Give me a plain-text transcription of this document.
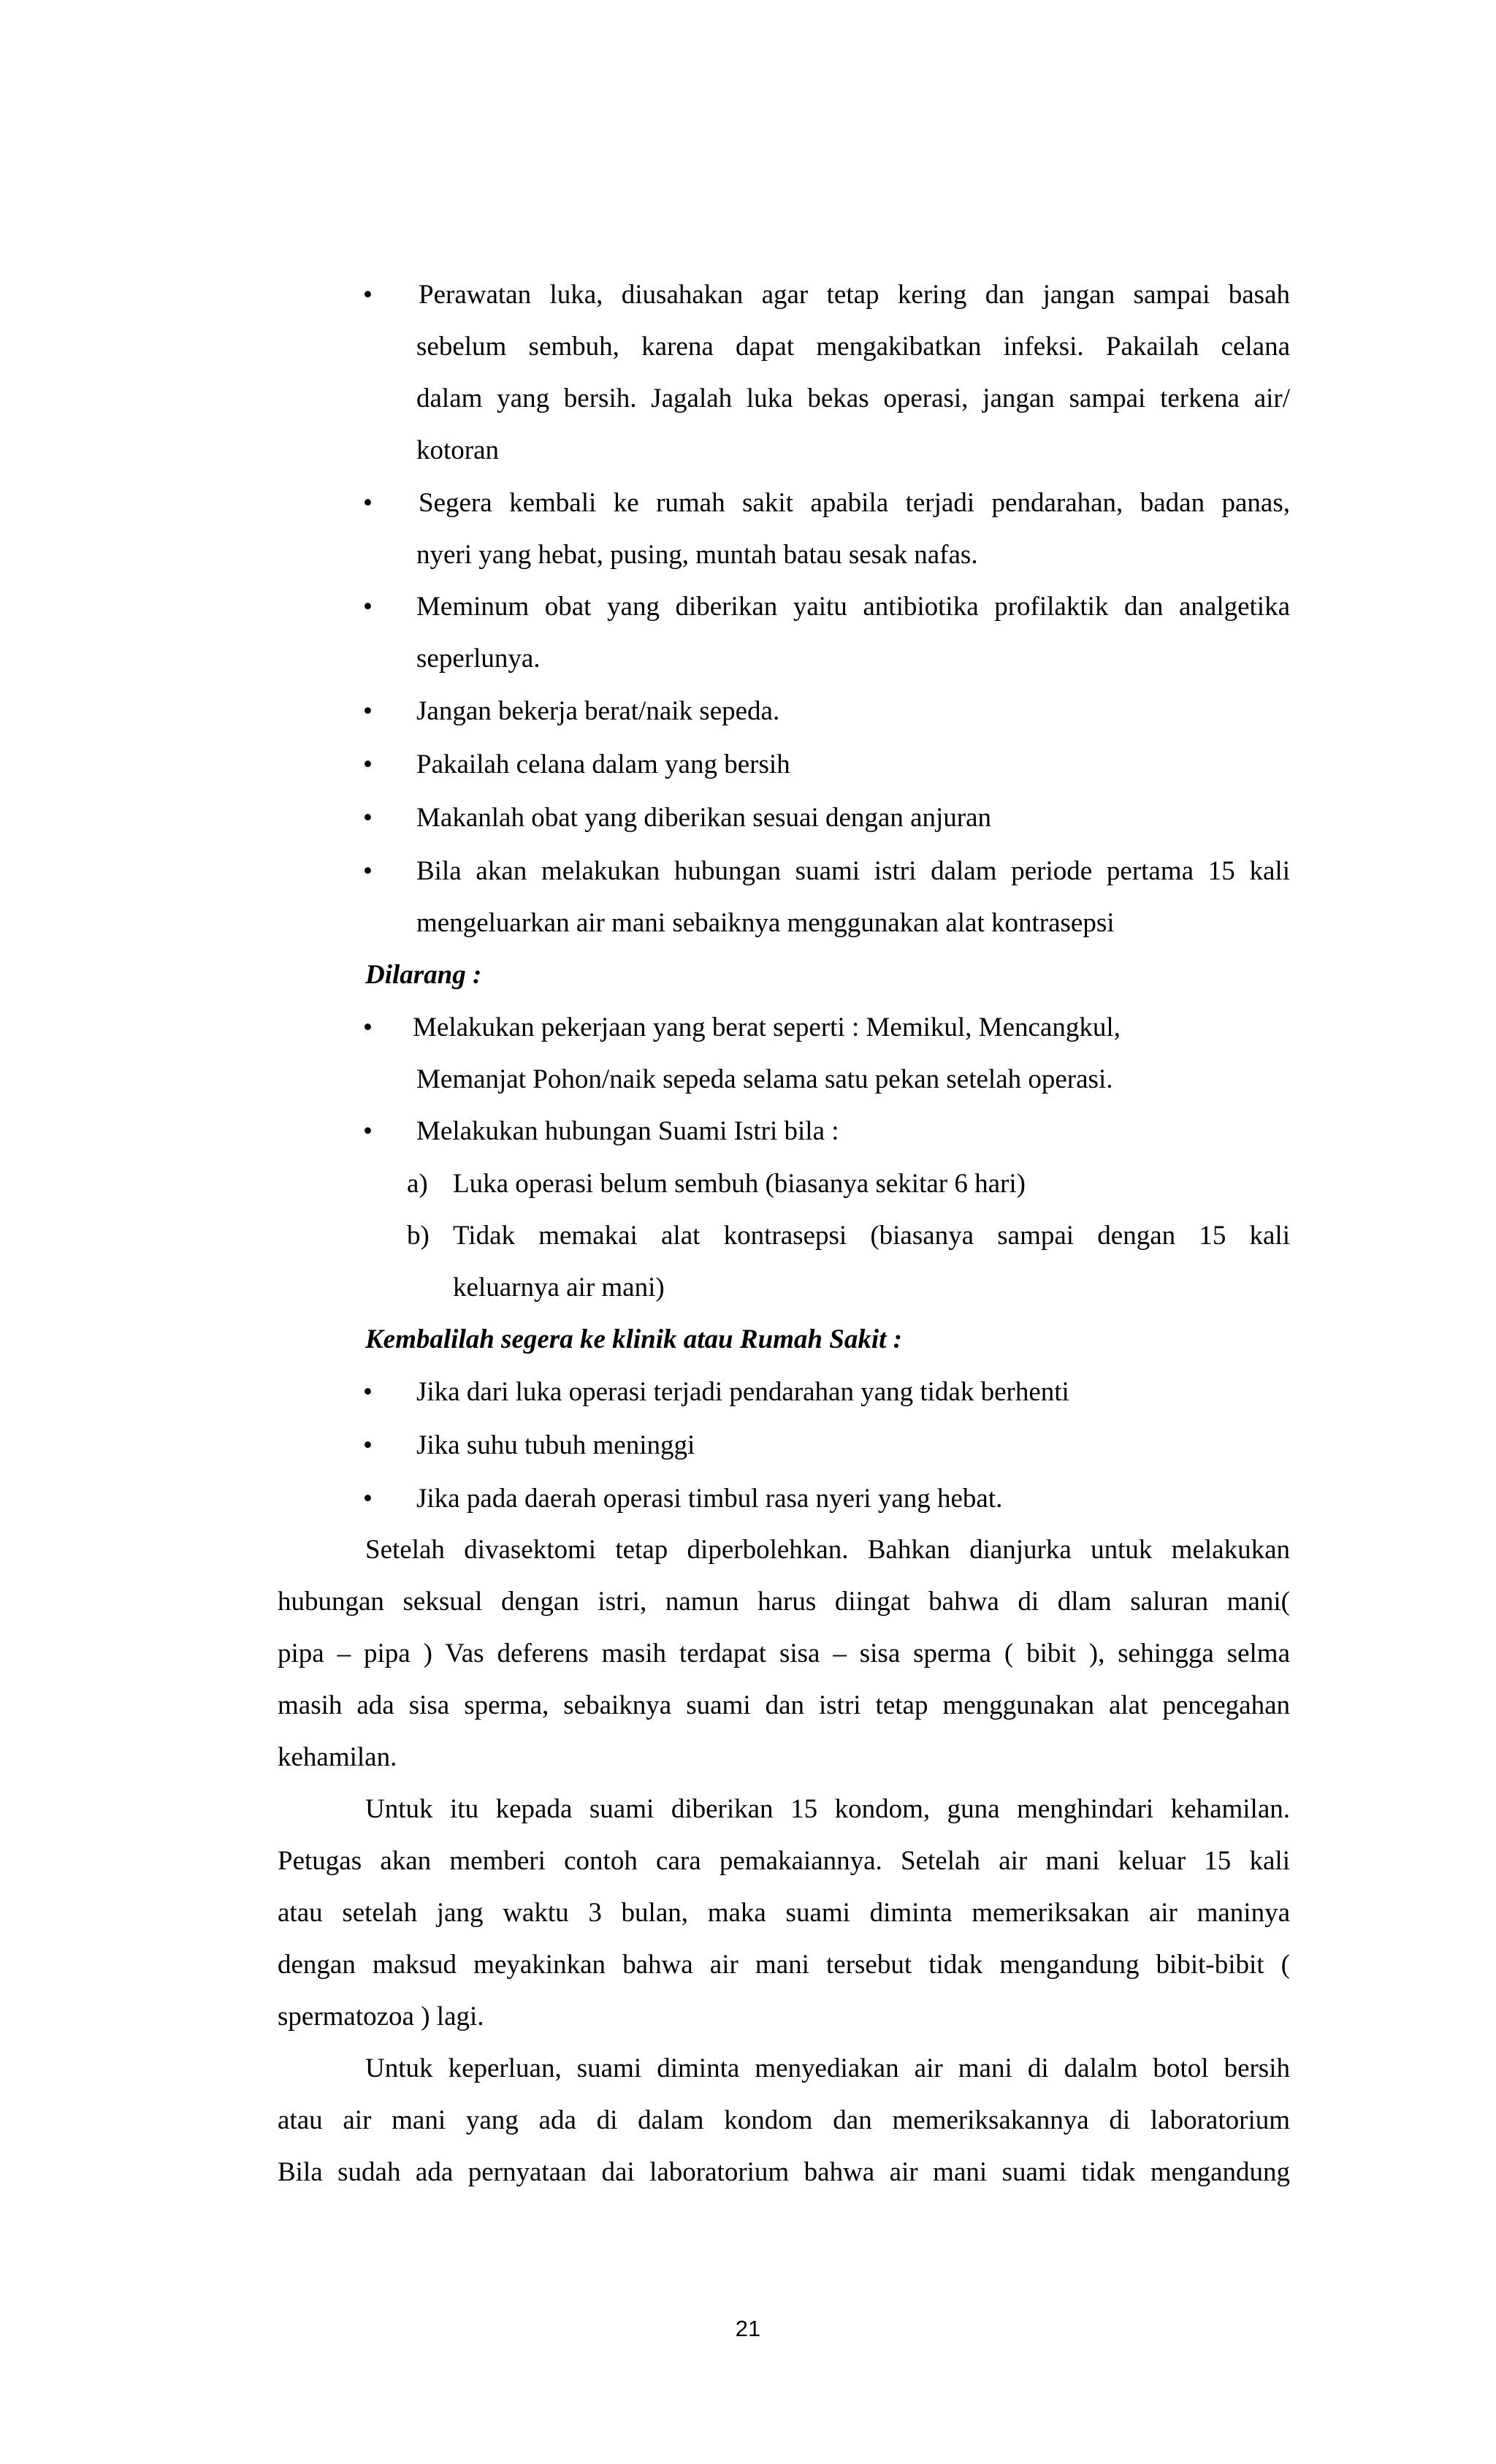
• Perawatan luka, diusahakan agar tetap kering dan jangan sampai basah
sebelum sembuh, karena dapat mengakibatkan infeksi. Pakailah celana
dalam yang bersih. Jagalah luka bekas operasi, jangan sampai terkena air/
kotoran
• Segera kembali ke rumah sakit apabila terjadi pendarahan, badan panas,
nyeri yang hebat, pusing, muntah batau sesak nafas.
• Meminum obat yang diberikan yaitu antibiotika profilaktik dan analgetika
seperlunya.
• Jangan bekerja berat/naik sepeda.
• Pakailah celana dalam yang bersih
• Makanlah obat yang diberikan sesuai dengan anjuran
• Bila akan melakukan hubungan suami istri dalam periode pertama 15 kali
mengeluarkan air mani sebaiknya menggunakan alat kontrasepsi
Dilarang :
• Melakukan pekerjaan yang berat seperti : Memikul, Mencangkul,
Memanjat Pohon/naik sepeda selama satu pekan setelah operasi.
• Melakukan hubungan Suami Istri bila :
a) Luka operasi belum sembuh (biasanya sekitar 6 hari)
b) Tidak memakai alat kontrasepsi (biasanya sampai dengan 15 kali
keluarnya air mani)
Kembalilah segera ke klinik atau Rumah Sakit :
• Jika dari luka operasi terjadi pendarahan yang tidak berhenti
• Jika suhu tubuh meninggi
• Jika pada daerah operasi timbul rasa nyeri yang hebat.
Setelah divasektomi tetap diperbolehkan. Bahkan dianjurka untuk melakukan
hubungan seksual dengan istri, namun harus diingat bahwa di dlam saluran mani(
pipa – pipa ) Vas deferens masih terdapat sisa – sisa sperma ( bibit ), sehingga selma
masih ada sisa sperma, sebaiknya suami dan istri tetap menggunakan alat pencegahan
kehamilan.
Untuk itu kepada suami diberikan 15 kondom, guna menghindari kehamilan.
Petugas akan memberi contoh cara pemakaiannya. Setelah air mani keluar 15 kali
atau setelah jang waktu 3 bulan, maka suami diminta memeriksakan air maninya
dengan maksud meyakinkan bahwa air mani tersebut tidak mengandung bibit-bibit (
spermatozoa ) lagi.
Untuk keperluan, suami diminta menyediakan air mani di dalalm botol bersih
atau air mani yang ada di dalam kondom dan memeriksakannya di laboratorium
Bila sudah ada pernyataan dai laboratorium bahwa air mani suami tidak mengandung
21
